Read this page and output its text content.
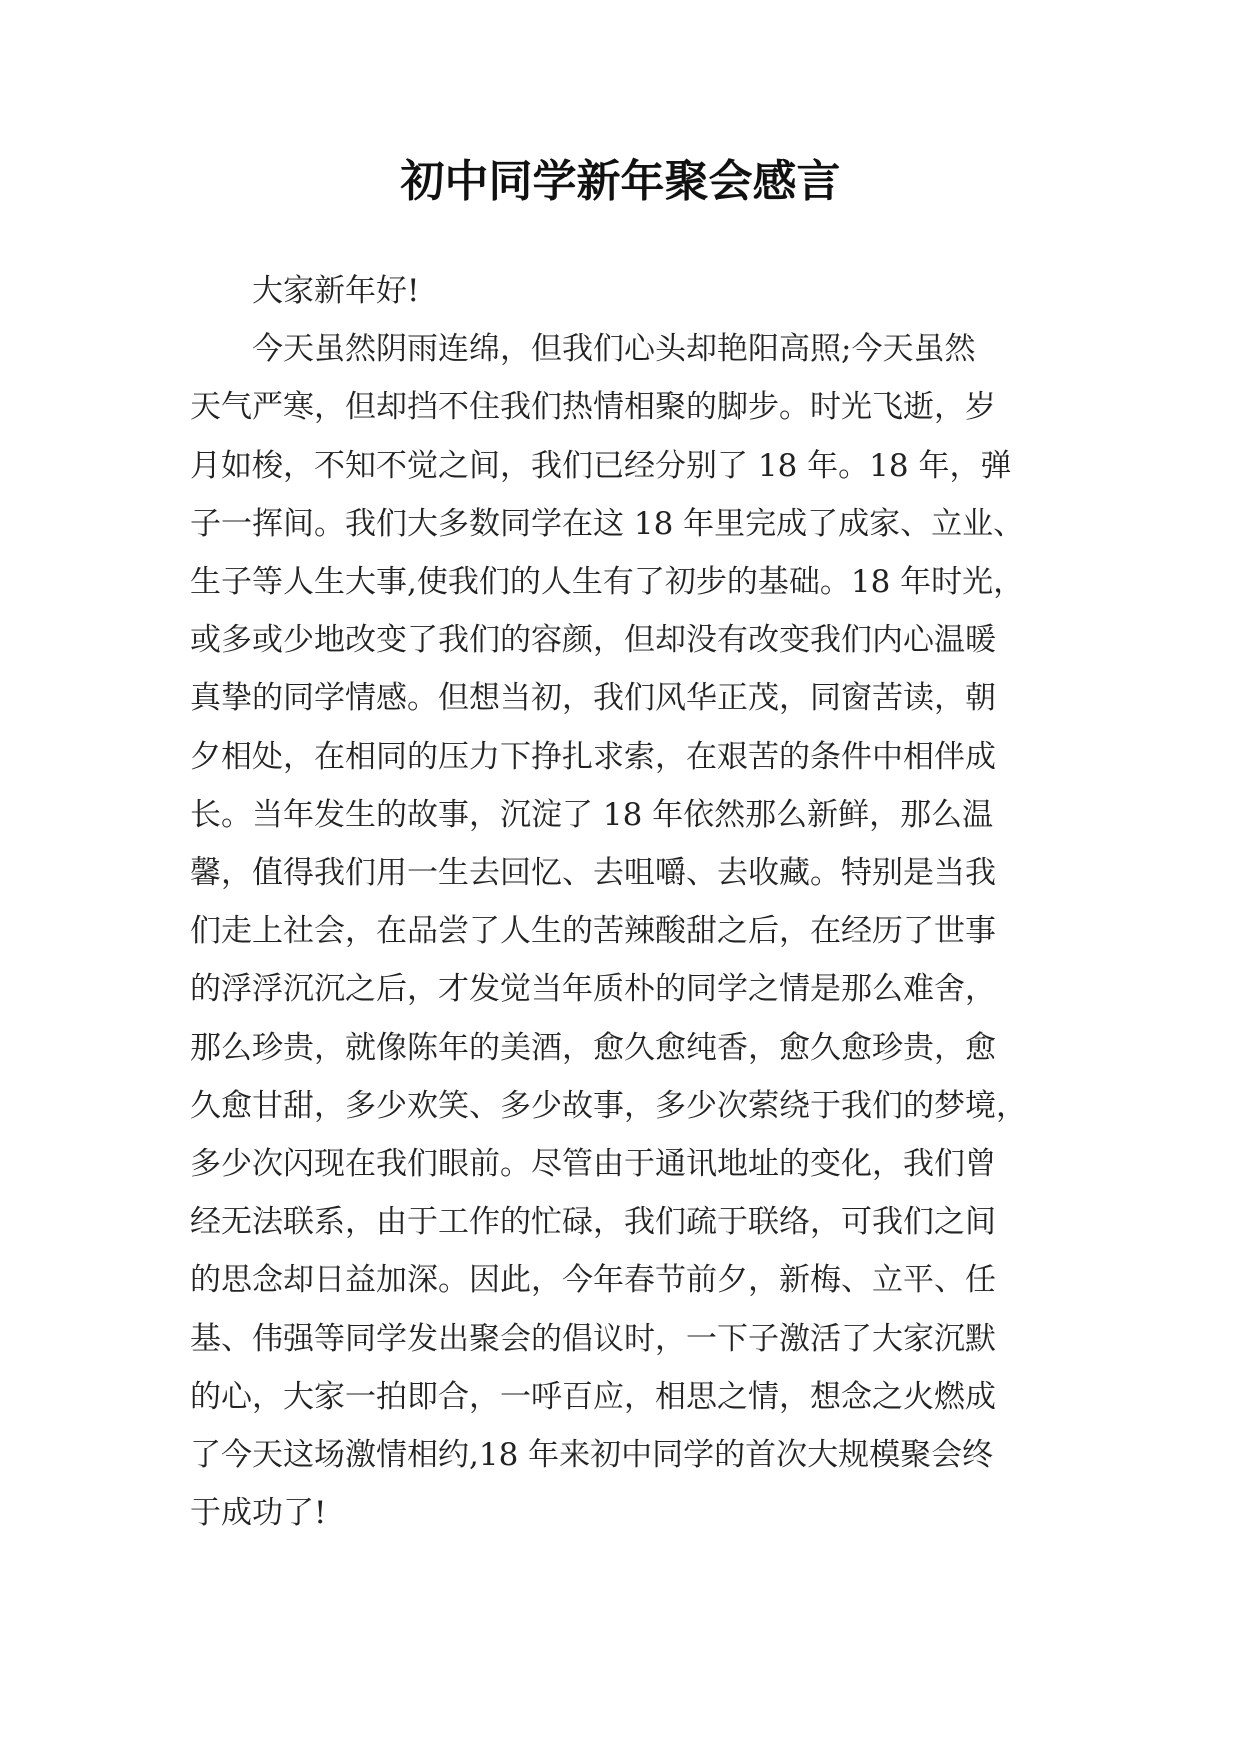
初中同学新年聚会感言
大家新年好!
今天虽然阴雨连绵，但我们心头却艳阳高照;今天虽然
天气严寒，但却挡不住我们热情相聚的脚步。时光飞逝，岁
月如梭，不知不觉之间，我们已经分别了 18 年。18 年，弹
子一挥间。我们大多数同学在这 18 年里完成了成家、立业、
生子等人生大事,使我们的人生有了初步的基础。18 年时光，
或多或少地改变了我们的容颜，但却没有改变我们内心温暖
真挚的同学情感。但想当初，我们风华正茂，同窗苦读，朝
夕相处，在相同的压力下挣扎求索，在艰苦的条件中相伴成
长。当年发生的故事，沉淀了 18 年依然那么新鲜，那么温
馨，值得我们用一生去回忆、去咀嚼、去收藏。特别是当我
们走上社会，在品尝了人生的苦辣酸甜之后，在经历了世事
的浮浮沉沉之后，才发觉当年质朴的同学之情是那么难舍，
那么珍贵，就像陈年的美酒，愈久愈纯香，愈久愈珍贵，愈
久愈甘甜，多少欢笑、多少故事，多少次萦绕于我们的梦境，
多少次闪现在我们眼前。尽管由于通讯地址的变化，我们曾
经无法联系，由于工作的忙碌，我们疏于联络，可我们之间
的思念却日益加深。因此，今年春节前夕，新梅、立平、任
基、伟强等同学发出聚会的倡议时，一下子激活了大家沉默
的心，大家一拍即合，一呼百应，相思之情，想念之火燃成
了今天这场激情相约,18 年来初中同学的首次大规模聚会终
于成功了!
